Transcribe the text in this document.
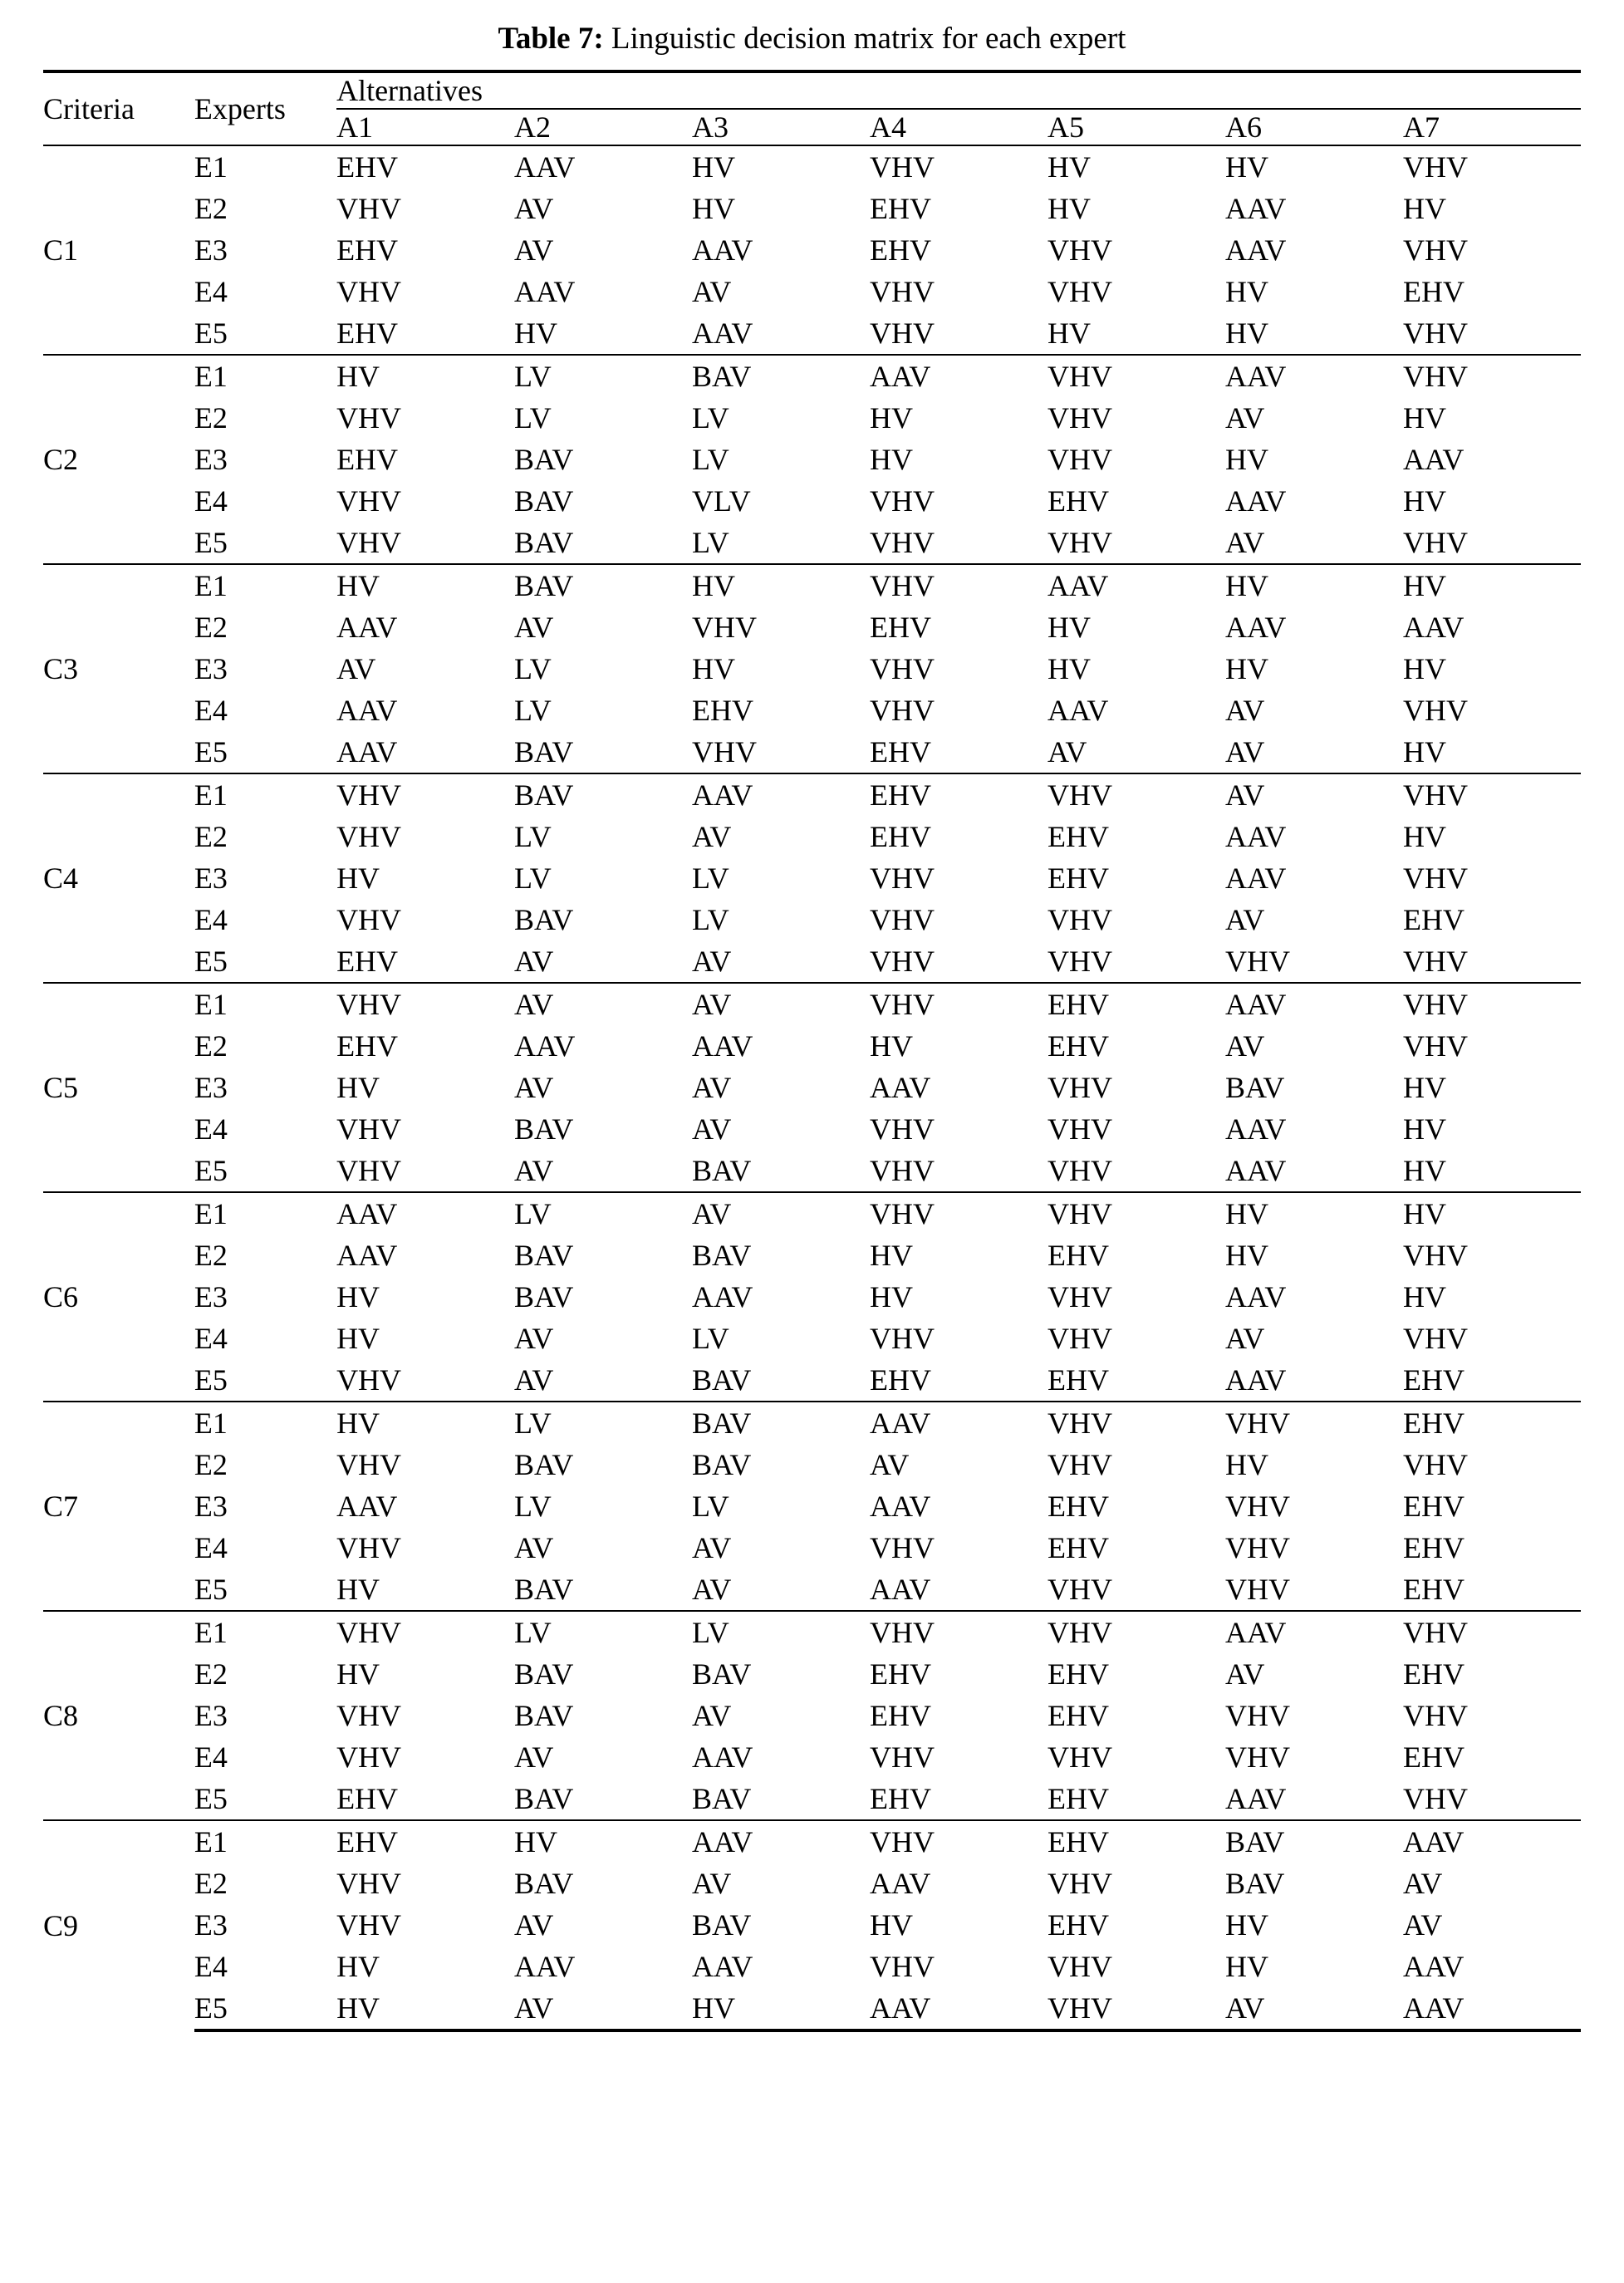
Table 7: Linguistic decision matrix for each expert
Criteria	Experts	Alternatives						
		A1	A2	A3	A4	A5	A6	A7
C1	E1	EHV	AAV	HV	VHV	HV	HV	VHV
	E2	VHV	AV	HV	EHV	HV	AAV	HV
	E3	EHV	AV	AAV	EHV	VHV	AAV	VHV
	E4	VHV	AAV	AV	VHV	VHV	HV	EHV
	E5	EHV	HV	AAV	VHV	HV	HV	VHV
C2	E1	HV	LV	BAV	AAV	VHV	AAV	VHV
	E2	VHV	LV	LV	HV	VHV	AV	HV
	E3	EHV	BAV	LV	HV	VHV	HV	AAV
	E4	VHV	BAV	VLV	VHV	EHV	AAV	HV
	E5	VHV	BAV	LV	VHV	VHV	AV	VHV
C3	E1	HV	BAV	HV	VHV	AAV	HV	HV
	E2	AAV	AV	VHV	EHV	HV	AAV	AAV
	E3	AV	LV	HV	VHV	HV	HV	HV
	E4	AAV	LV	EHV	VHV	AAV	AV	VHV
	E5	AAV	BAV	VHV	EHV	AV	AV	HV
C4	E1	VHV	BAV	AAV	EHV	VHV	AV	VHV
	E2	VHV	LV	AV	EHV	EHV	AAV	HV
	E3	HV	LV	LV	VHV	EHV	AAV	VHV
	E4	VHV	BAV	LV	VHV	VHV	AV	EHV
	E5	EHV	AV	AV	VHV	VHV	VHV	VHV
C5	E1	VHV	AV	AV	VHV	EHV	AAV	VHV
	E2	EHV	AAV	AAV	HV	EHV	AV	VHV
	E3	HV	AV	AV	AAV	VHV	BAV	HV
	E4	VHV	BAV	AV	VHV	VHV	AAV	HV
	E5	VHV	AV	BAV	VHV	VHV	AAV	HV
C6	E1	AAV	LV	AV	VHV	VHV	HV	HV
	E2	AAV	BAV	BAV	HV	EHV	HV	VHV
	E3	HV	BAV	AAV	HV	VHV	AAV	HV
	E4	HV	AV	LV	VHV	VHV	AV	VHV
	E5	VHV	AV	BAV	EHV	EHV	AAV	EHV
C7	E1	HV	LV	BAV	AAV	VHV	VHV	EHV
	E2	VHV	BAV	BAV	AV	VHV	HV	VHV
	E3	AAV	LV	LV	AAV	EHV	VHV	EHV
	E4	VHV	AV	AV	VHV	EHV	VHV	EHV
	E5	HV	BAV	AV	AAV	VHV	VHV	EHV
C8	E1	VHV	LV	LV	VHV	VHV	AAV	VHV
	E2	HV	BAV	BAV	EHV	EHV	AV	EHV
	E3	VHV	BAV	AV	EHV	EHV	VHV	VHV
	E4	VHV	AV	AAV	VHV	VHV	VHV	EHV
	E5	EHV	BAV	BAV	EHV	EHV	AAV	VHV
C9	E1	EHV	HV	AAV	VHV	EHV	BAV	AAV
	E2	VHV	BAV	AV	AAV	VHV	BAV	AV
	E3	VHV	AV	BAV	HV	EHV	HV	AV
	E4	HV	AAV	AAV	VHV	VHV	HV	AAV
	E5	HV	AV	HV	AAV	VHV	AV	AAV
